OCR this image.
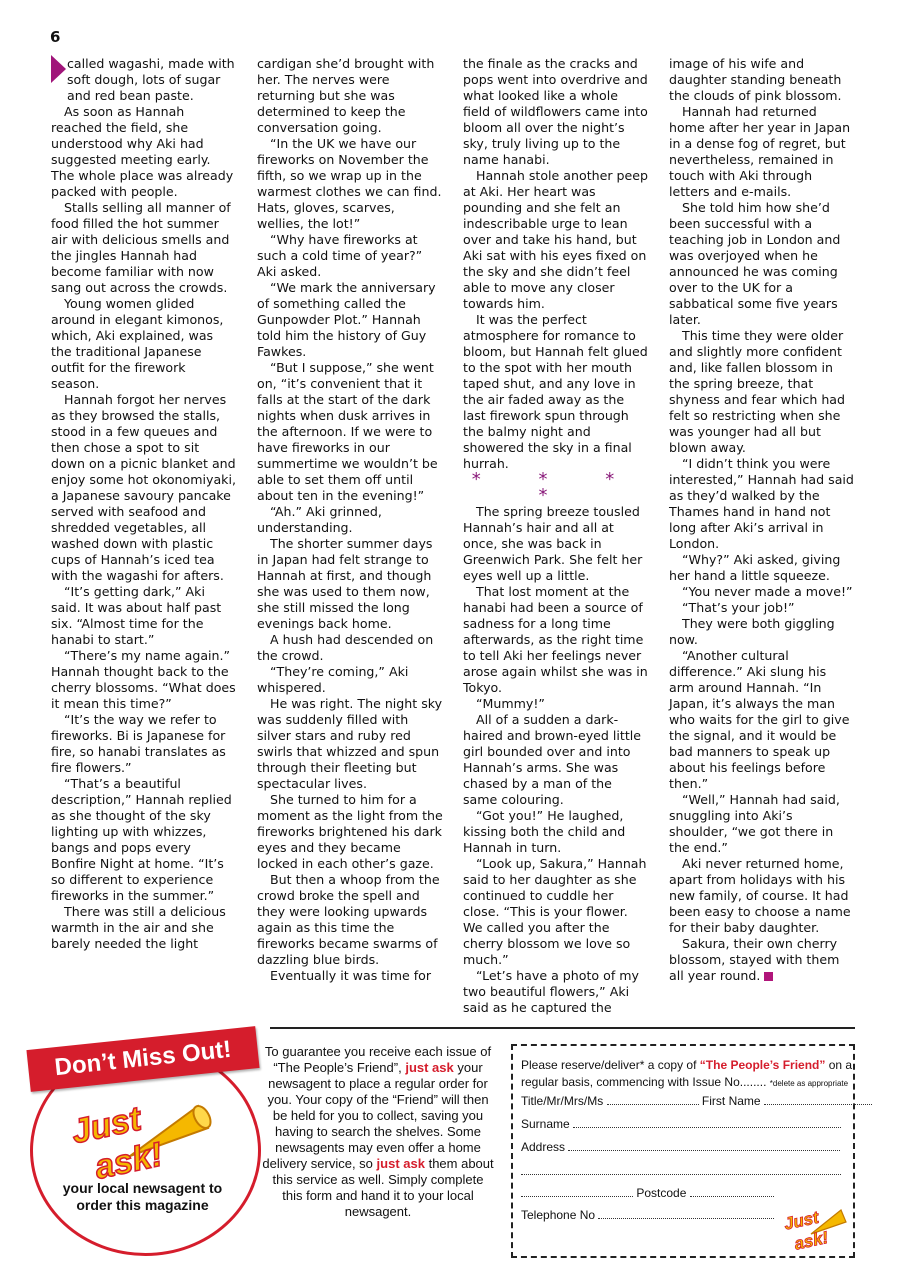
6

called wagashi, made with soft dough, lots of sugar and red bean paste.

As soon as Hannah reached the field, she understood why Aki had suggested meeting early. The whole place was already packed with people.

Stalls selling all manner of food filled the hot summer air with delicious smells and the jingles Hannah had become familiar with now sang out across the crowds.

Young women glided around in elegant kimonos, which, Aki explained, was the traditional Japanese outfit for the firework season.

Hannah forgot her nerves as they browsed the stalls, stood in a few queues and then chose a spot to sit down on a picnic blanket and enjoy some hot okonomiyaki, a Japanese savoury pancake served with seafood and shredded vegetables, all washed down with plastic cups of Hannah’s iced tea with the wagashi for afters.

“It’s getting dark,” Aki said. It was about half past six. “Almost time for the hanabi to start.”

“There’s my name again.” Hannah thought back to the cherry blossoms. “What does it mean this time?”

“It’s the way we refer to fireworks. Bi is Japanese for fire, so hanabi translates as fire flowers.”

“That’s a beautiful description,” Hannah replied as she thought of the sky lighting up with whizzes, bangs and pops every Bonfire Night at home. “It’s so different to experience fireworks in the summer.”

There was still a delicious warmth in the air and she barely needed the light

cardigan she’d brought with her. The nerves were returning but she was determined to keep the conversation going.

“In the UK we have our fireworks on November the fifth, so we wrap up in the warmest clothes we can find. Hats, gloves, scarves, wellies, the lot!”

“Why have fireworks at such a cold time of year?” Aki asked.

“We mark the anniversary of something called the Gunpowder Plot.” Hannah told him the history of Guy Fawkes.

“But I suppose,” she went on, “it’s convenient that it falls at the start of the dark nights when dusk arrives in the afternoon. If we were to have fireworks in our summertime we wouldn’t be able to set them off until about ten in the evening!”

“Ah.” Aki grinned, understanding.

The shorter summer days in Japan had felt strange to Hannah at first, and though she was used to them now, she still missed the long evenings back home.

A hush had descended on the crowd.

“They’re coming,” Aki whispered.

He was right. The night sky was suddenly filled with silver stars and ruby red swirls that whizzed and spun through their fleeting but spectacular lives.

She turned to him for a moment as the light from the fireworks brightened his dark eyes and they became locked in each other’s gaze.

But then a whoop from the crowd broke the spell and they were looking upwards again as this time the fireworks became swarms of dazzling blue birds.

Eventually it was time for

the finale as the cracks and pops went into overdrive and what looked like a whole field of wildflowers came into bloom all over the night’s sky, truly living up to the name hanabi.

Hannah stole another peep at Aki. Her heart was pounding and she felt an indescribable urge to lean over and take his hand, but Aki sat with his eyes fixed on the sky and she didn’t feel able to move any closer towards him.

It was the perfect atmosphere for romance to bloom, but Hannah felt glued to the spot with her mouth taped shut, and any love in the air faded away as the last firework spun through the balmy night and showered the sky in a final hurrah.

* * * *

The spring breeze tousled Hannah’s hair and all at once, she was back in Greenwich Park. She felt her eyes well up a little.

That lost moment at the hanabi had been a source of sadness for a long time afterwards, as the right time to tell Aki her feelings never arose again whilst she was in Tokyo.

“Mummy!”

All of a sudden a dark-haired and brown-eyed little girl bounded over and into Hannah’s arms. She was chased by a man of the same colouring.

“Got you!” He laughed, kissing both the child and Hannah in turn.

“Look up, Sakura,” Hannah said to her daughter as she continued to cuddle her close. “This is your flower. We called you after the cherry blossom we love so much.”

“Let’s have a photo of my two beautiful flowers,” Aki said as he captured the

image of his wife and daughter standing beneath the clouds of pink blossom.

Hannah had returned home after her year in Japan in a dense fog of regret, but nevertheless, remained in touch with Aki through letters and e-mails.

She told him how she’d been successful with a teaching job in London and was overjoyed when he announced he was coming over to the UK for a sabbatical some five years later.

This time they were older and slightly more confident and, like fallen blossom in the spring breeze, that shyness and fear which had felt so restricting when she was younger had all but blown away.

“I didn’t think you were interested,” Hannah had said as they’d walked by the Thames hand in hand not long after Aki’s arrival in London.

“Why?” Aki asked, giving her hand a little squeeze.

“You never made a move!”

“That’s your job!”

They were both giggling now.

“Another cultural difference.” Aki slung his arm around Hannah. “In Japan, it’s always the man who waits for the girl to give the signal, and it would be bad manners to speak up about his feelings before then.”

“Well,” Hannah had said, snuggling into Aki’s shoulder, “we got there in the end.”

Aki never returned home, apart from holidays with his new family, of course. It had been easy to choose a name for their baby daughter.

Sakura, their own cherry blossom, stayed with them all year round.

Don’t Miss Out!
Just
ask!
your local newsagent to order this magazine
To guarantee you receive each issue of “The People’s Friend”, just ask your newsagent to place a regular order for you. Your copy of the “Friend” will then be held for you to collect, saving you having to search the shelves. Some newsagents may even offer a home delivery service, so just ask them about this service as well. Simply complete this form and hand it to your local newsagent.
Please reserve/deliver* a copy of “The People’s Friend” on a
regular basis, commencing with Issue No........ *delete as appropriate
Title/Mr/Mrs/Ms	First Name
Surname
Address
Postcode
Telephone No	Just
ask!
